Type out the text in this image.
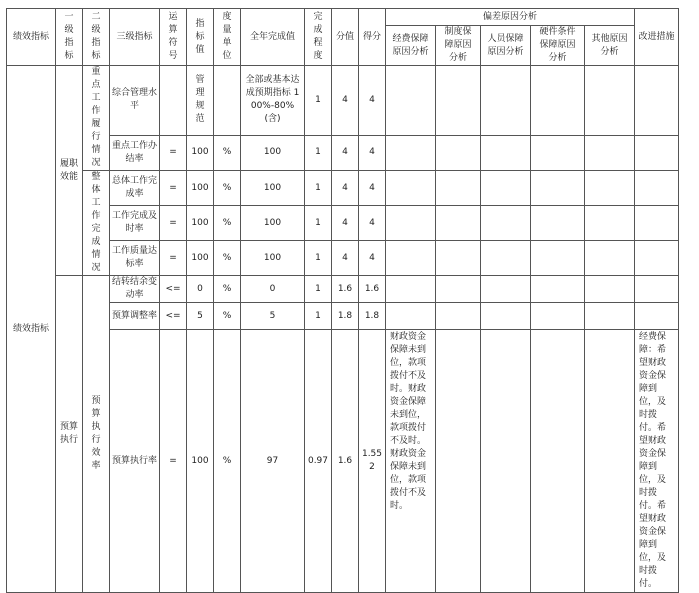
绩效指标	一级指标	二级指标	三级指标	运算符号	指标值	度量单位	全年完成值	完成程度	分值	得分	偏差原因分析					改进措施
											经费保障原因分析	制度保障原因分析	人员保障原因分析	硬件条件保障原因分析	其他原因分析	
绩效指标	履职效能	重点工作履行情况	综合管理水平		管理规范		全部或基本达成预期指标 100%-80%(含)	1	4	4						
			重点工作办结率	=	100	%	100	1	4	4						
		整体工作完成情况	总体工作完成率	=	100	%	100	1	4	4						
			工作完成及时率	=	100	%	100	1	4	4						
			工作质量达标率	=	100	%	100	1	4	4						
	预算执行	预算执行效率	结转结余变动率	<=	0	%	0	1	1.6	1.6						
			预算调整率	<=	5	%	5	1	1.8	1.8						
			预算执行率	=	100	%	97	0.97	1.6	1.552	财政资金保障未到位，款项拨付不及时。财政资金保障未到位，款项拨付不及时。财政资金保障未到位，款项拨付不及时。					经费保障：希望财政资金保障到位，及时拨付。希望财政资金保障到位，及时拨付。希望财政资金保障到位，及时拨付。
